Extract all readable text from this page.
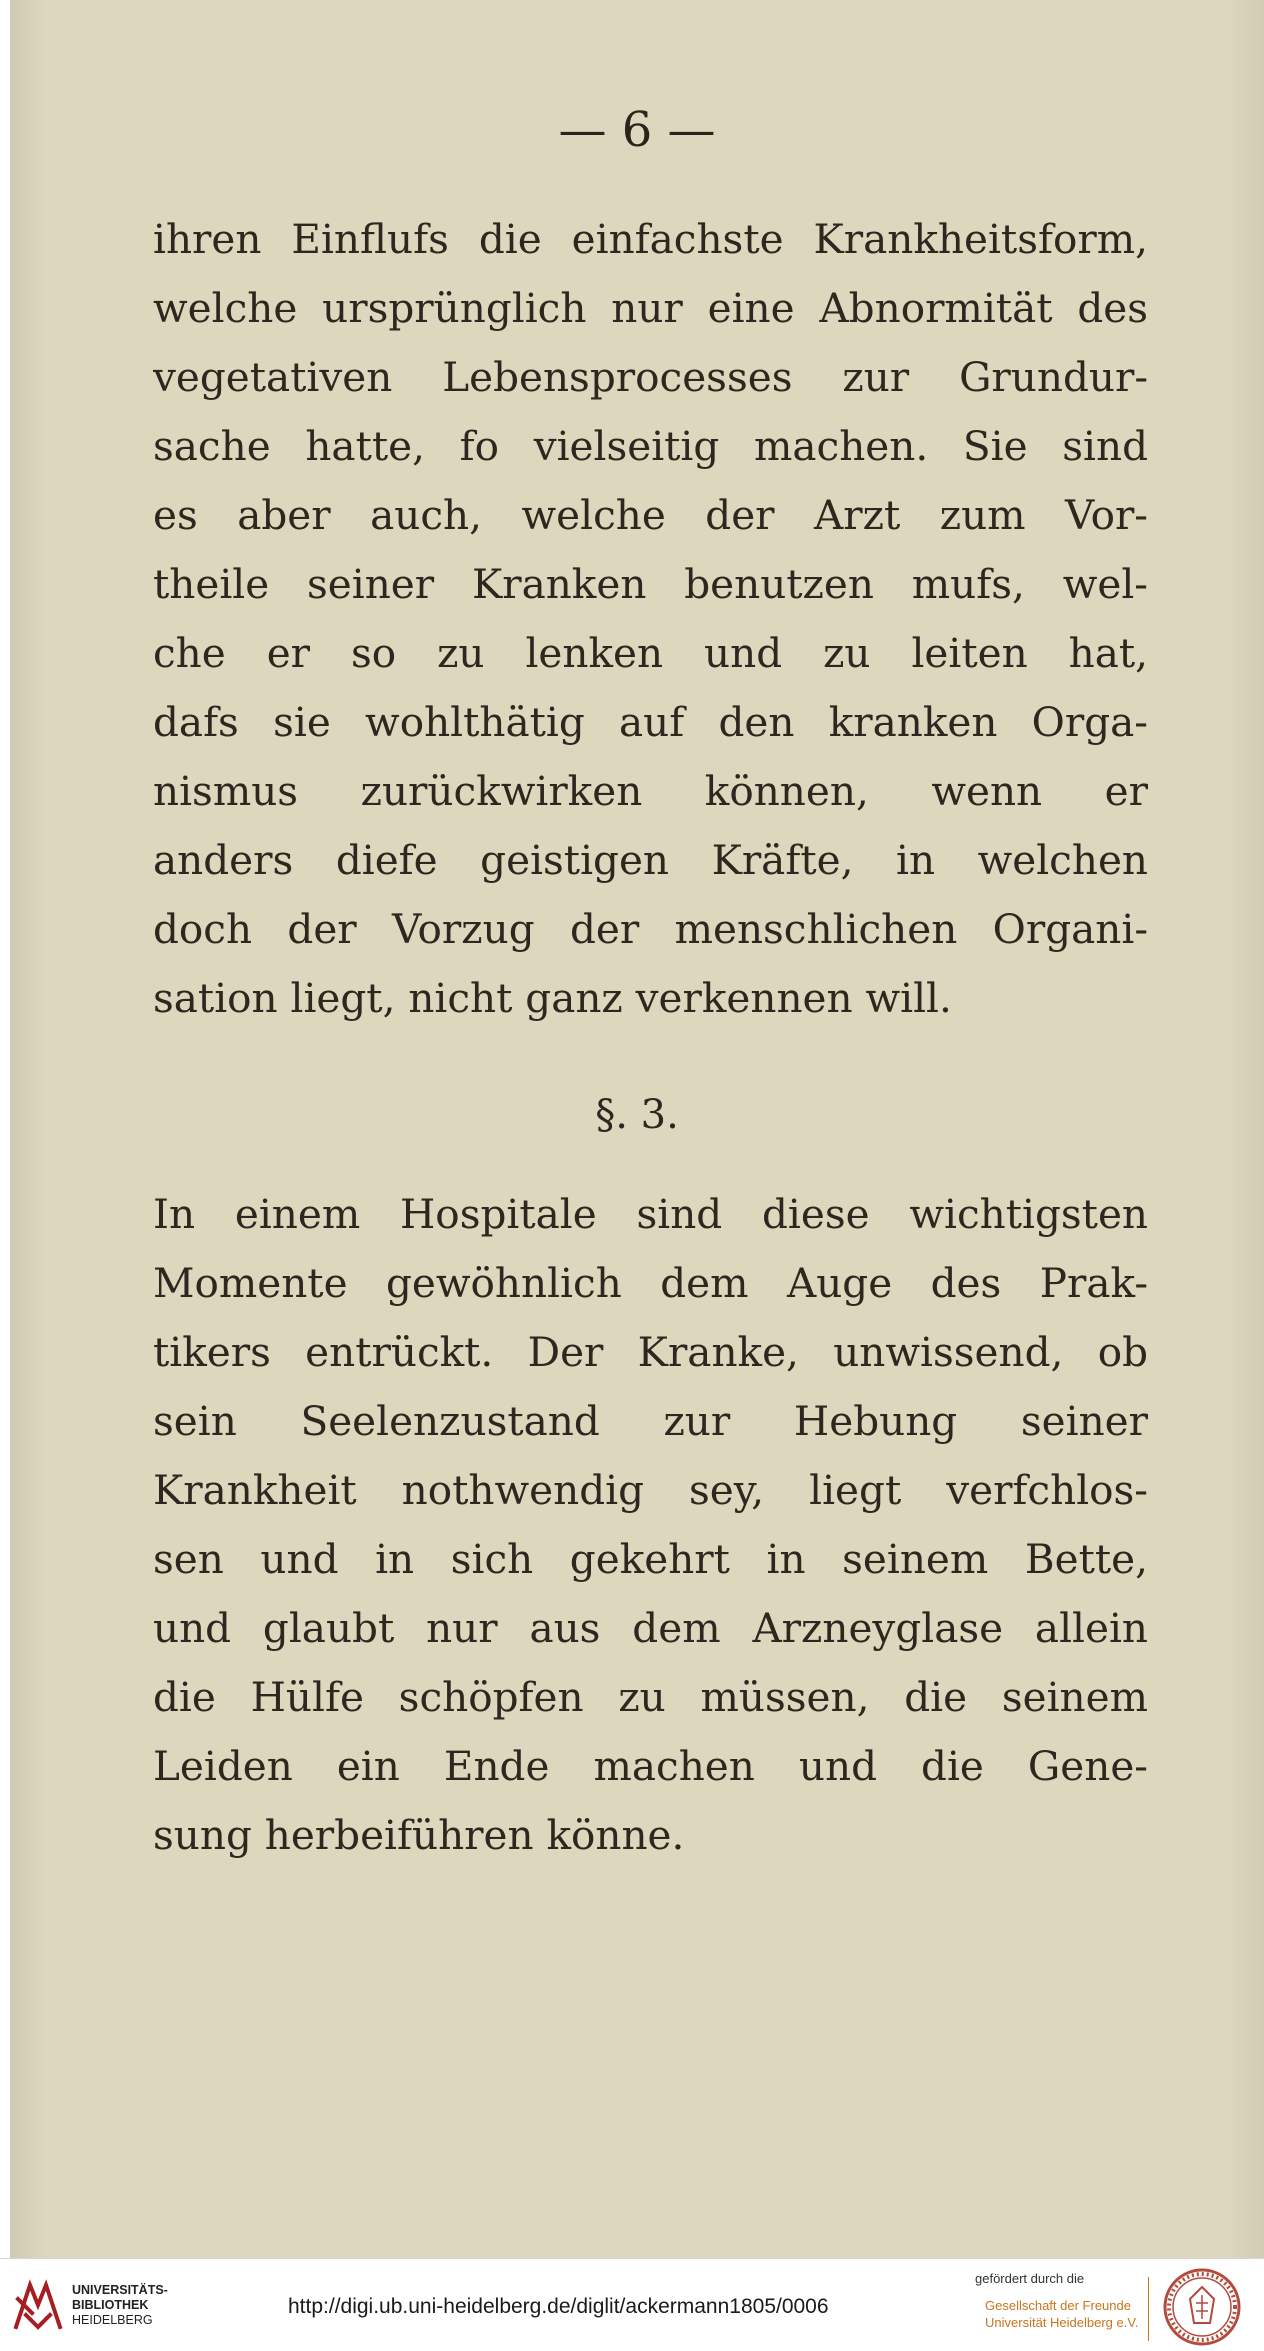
— 6 —
ihren Einflufs die einfachste Krankheitsform,
welche ursprünglich nur eine Abnormität des
vegetativen Lebensprocesses zur Grundur-
sache hatte, fo vielseitig machen. Sie sind
es aber auch, welche der Arzt zum Vor-
theile seiner Kranken benutzen mufs, wel-
che er so zu lenken und zu leiten hat,
dafs sie wohlthätig auf den kranken Orga-
nismus zurückwirken können, wenn er
anders diefe geistigen Kräfte, in welchen
doch der Vorzug der menschlichen Organi-
sation liegt, nicht ganz verkennen will.
§. 3.
In einem Hospitale sind diese wichtigsten
Momente gewöhnlich dem Auge des Prak-
tikers entrückt. Der Kranke, unwissend, ob
sein Seelenzustand zur Hebung seiner
Krankheit nothwendig sey, liegt verfchlos-
sen und in sich gekehrt in seinem Bette,
und glaubt nur aus dem Arzneyglase allein
die Hülfe schöpfen zu müssen, die seinem
Leiden ein Ende machen und die Gene-
sung herbeiführen könne.
UNIVERSITÄTS-
BIBLIOTHEK
HEIDELBERG
http://digi.ub.uni-heidelberg.de/diglit/ackermann1805/0006
gefördert durch die
Gesellschaft der Freunde
Universität Heidelberg e.V.
